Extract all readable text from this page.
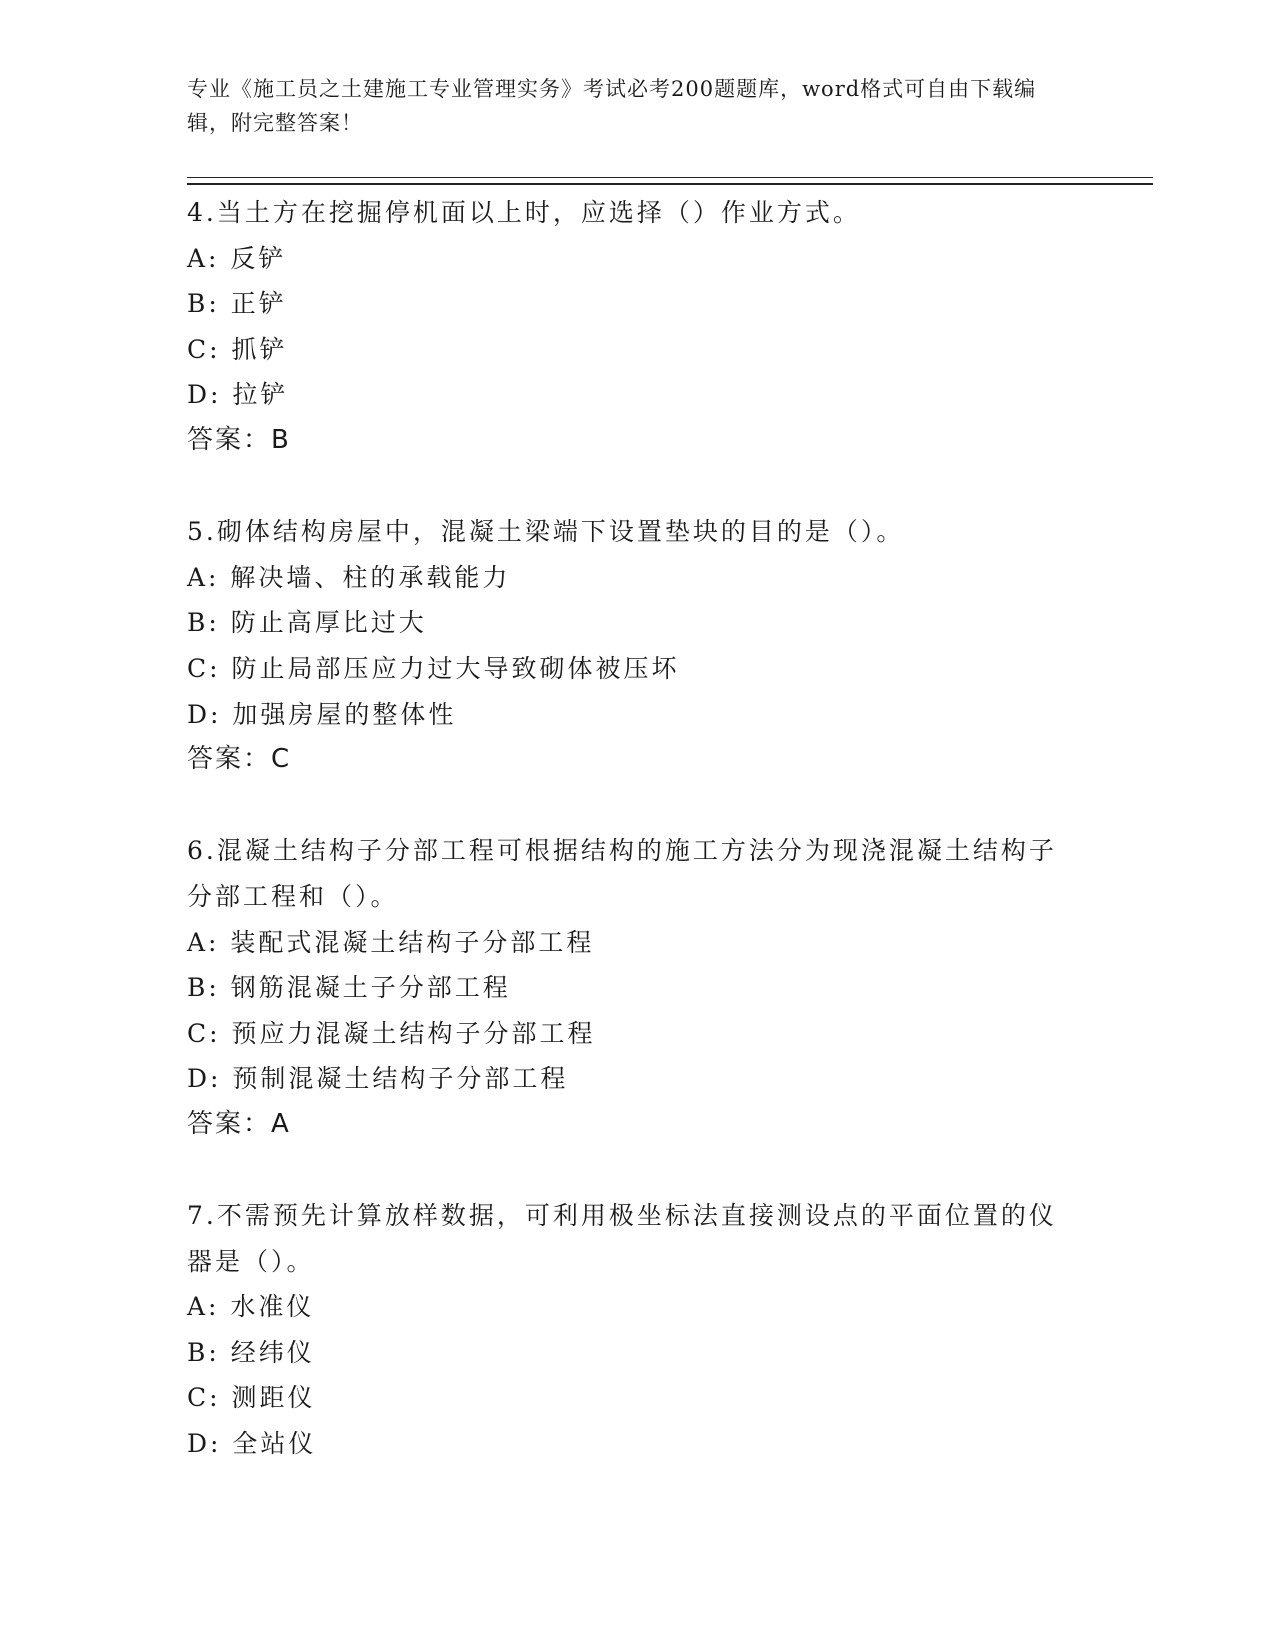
专业《施工员之土建施工专业管理实务》考试必考200题题库，word格式可自由下载编辑，附完整答案！
4.当土方在挖掘停机面以上时，应选择（）作业方式。
A: 反铲
B: 正铲
C: 抓铲
D: 拉铲
答案：B
5.砌体结构房屋中，混凝土梁端下设置垫块的目的是（）。
A: 解决墙、柱的承载能力
B: 防止高厚比过大
C: 防止局部压应力过大导致砌体被压坏
D: 加强房屋的整体性
答案：C
6.混凝土结构子分部工程可根据结构的施工方法分为现浇混凝土结构子分部工程和（）。
A: 装配式混凝土结构子分部工程
B: 钢筋混凝土子分部工程
C: 预应力混凝土结构子分部工程
D: 预制混凝土结构子分部工程
答案：A
7.不需预先计算放样数据，可利用极坐标法直接测设点的平面位置的仪器是（）。
A: 水准仪
B: 经纬仪
C: 测距仪
D: 全站仪
